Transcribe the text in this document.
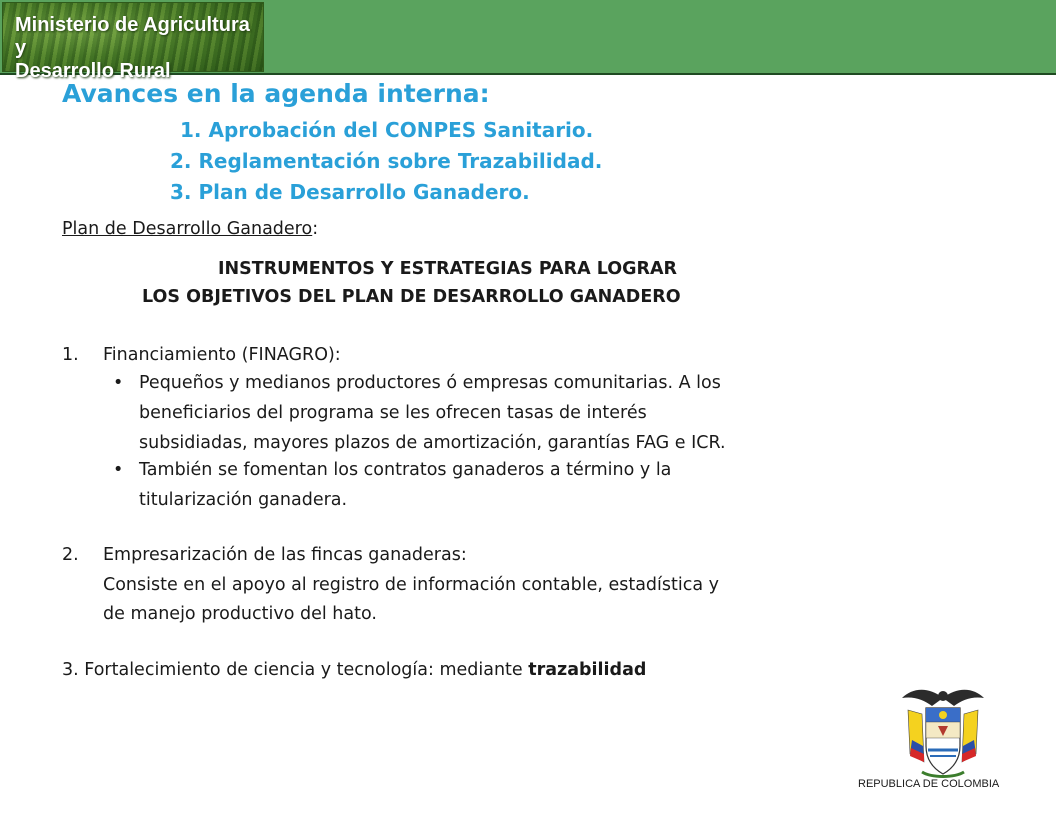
Ministerio de Agricultura y
Desarrollo Rural
Avances en la agenda interna:
1. Aprobación del CONPES Sanitario.
2. Reglamentación sobre Trazabilidad.
3. Plan de Desarrollo Ganadero.
Plan de Desarrollo Ganadero:
INSTRUMENTOS Y ESTRATEGIAS PARA LOGRAR
LOS OBJETIVOS DEL PLAN DE DESARROLLO GANADERO
1. Financiamiento (FINAGRO):
• Pequeños y medianos productores ó empresas comunitarias. A los
beneficiarios del programa se les ofrecen tasas de interés
subsidiadas, mayores plazos de amortización, garantías FAG e ICR.
• También se fomentan los contratos ganaderos a término y la
titularización ganadera.
2. Empresarización de las fincas ganaderas:
Consiste en el apoyo al registro de información contable, estadística y
de manejo productivo del hato.
3. Fortalecimiento de ciencia y tecnología: mediante trazabilidad
REPUBLICA DE COLOMBIA
